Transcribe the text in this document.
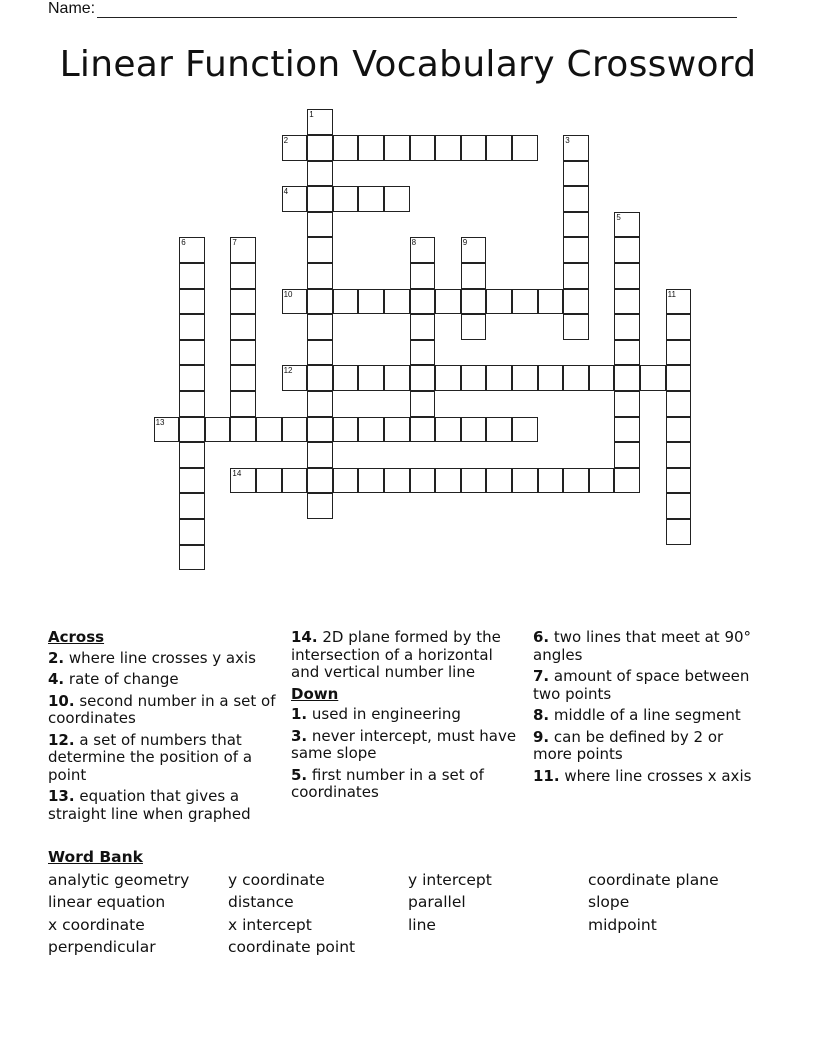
Name:
Linear Function Vocabulary Crossword
1
2	3
4
5
6	7	8	9
10	11
12
13
14
Across
2. where line crosses y axis
4. rate of change
10. second number in a set of coordinates
12. a set of numbers that determine the position of a point
13. equation that gives a straight line when graphed
14. 2D plane formed by the intersection of a horizontal and vertical number line
Down
1. used in engineering
3. never intercept, must have same slope
5. first number in a set of coordinates
6. two lines that meet at 90° angles
7. amount of space between two points
8. middle of a line segment
9. can be defined by 2 or more points
11. where line crosses x axis
Word Bank
analytic geometry	y coordinate	y intercept	coordinate plane
linear equation	distance	parallel	slope
x coordinate	x intercept	line	midpoint
perpendicular	coordinate point
